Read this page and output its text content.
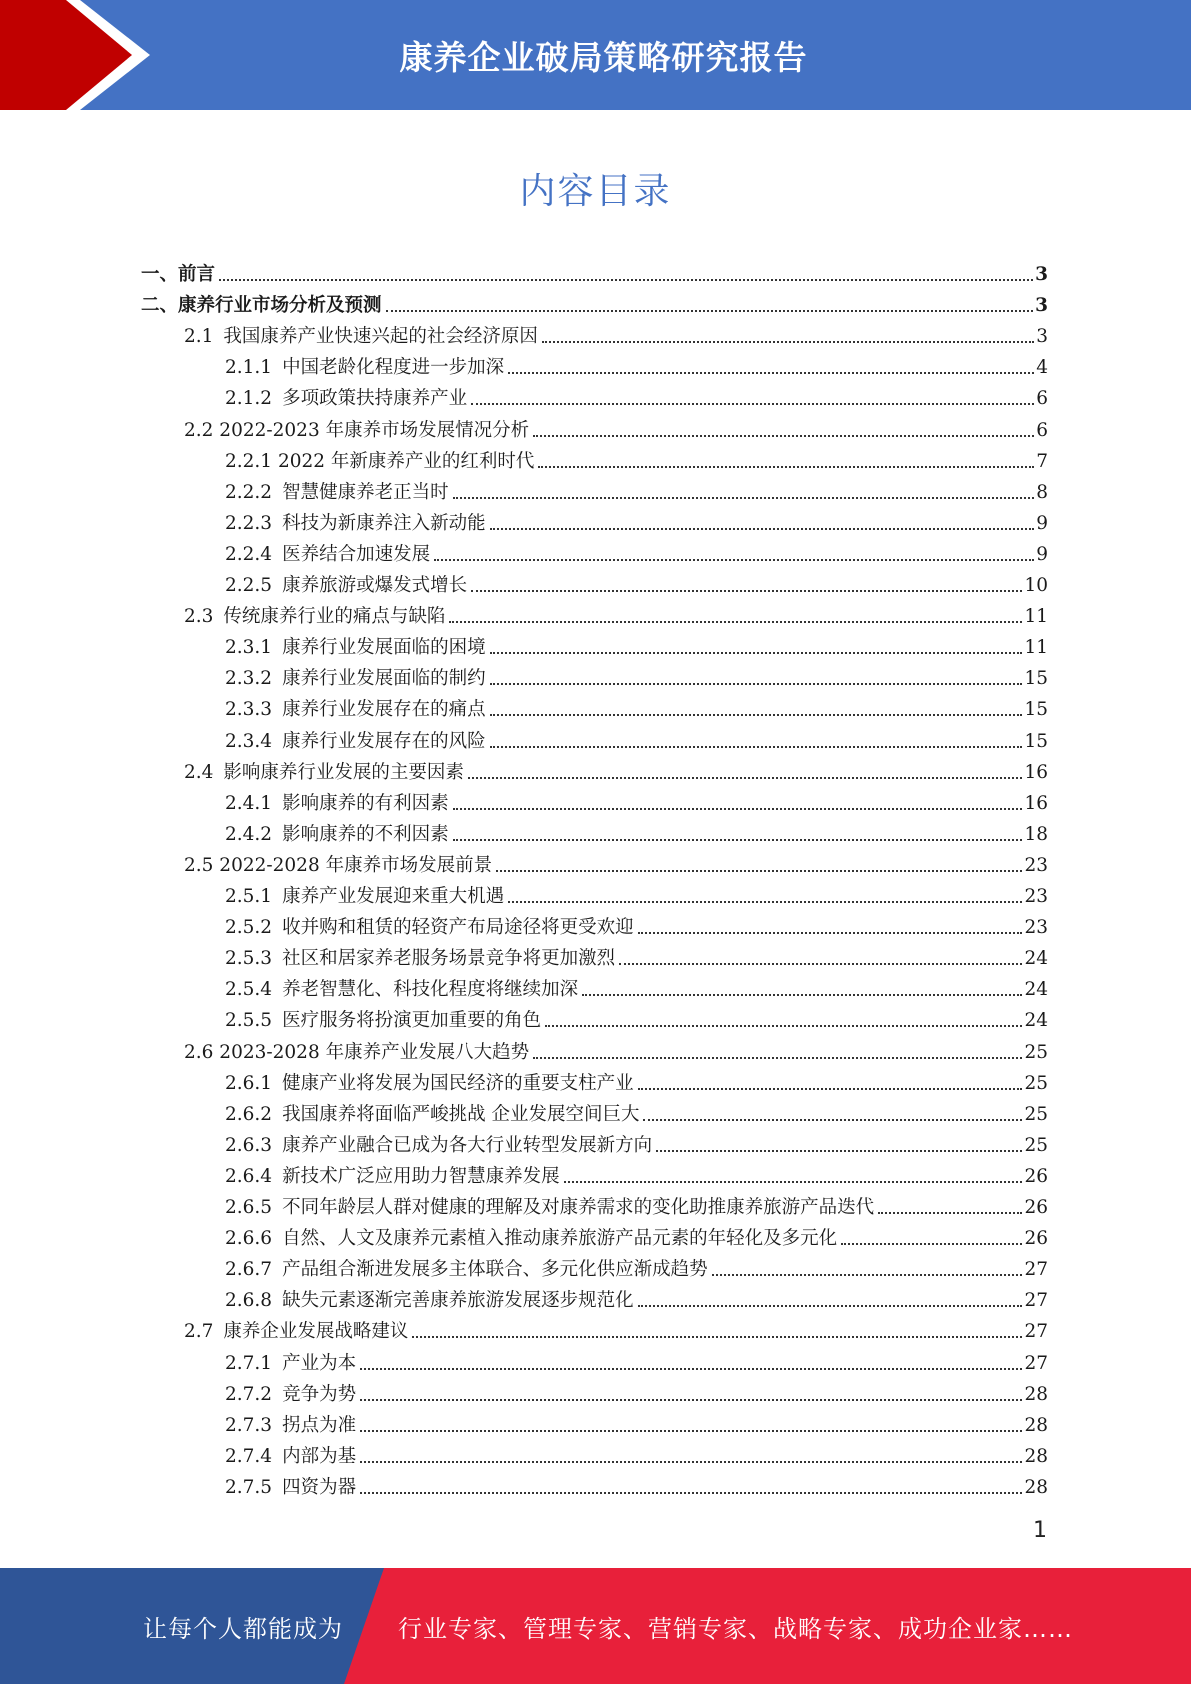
康养企业破局策略研究报告
内容目录
一、前言	3
二、康养行业市场分析及预测	3
2.1 我国康养产业快速兴起的社会经济原因	3
2.1.1 中国老龄化程度进一步加深	4
2.1.2 多项政策扶持康养产业	6
2.2 2022-2023 年康养市场发展情况分析	6
2.2.1 2022 年新康养产业的红利时代	7
2.2.2 智慧健康养老正当时	8
2.2.3 科技为新康养注入新动能	9
2.2.4 医养结合加速发展	9
2.2.5 康养旅游或爆发式增长	10
2.3 传统康养行业的痛点与缺陷	11
2.3.1 康养行业发展面临的困境	11
2.3.2 康养行业发展面临的制约	15
2.3.3 康养行业发展存在的痛点	15
2.3.4 康养行业发展存在的风险	15
2.4 影响康养行业发展的主要因素	16
2.4.1 影响康养的有利因素	16
2.4.2 影响康养的不利因素	18
2.5 2022-2028 年康养市场发展前景	23
2.5.1 康养产业发展迎来重大机遇	23
2.5.2 收并购和租赁的轻资产布局途径将更受欢迎	23
2.5.3 社区和居家养老服务场景竞争将更加激烈	24
2.5.4 养老智慧化、科技化程度将继续加深	24
2.5.5 医疗服务将扮演更加重要的角色	24
2.6 2023-2028 年康养产业发展八大趋势	25
2.6.1 健康产业将发展为国民经济的重要支柱产业	25
2.6.2 我国康养将面临严峻挑战 企业发展空间巨大	25
2.6.3 康养产业融合已成为各大行业转型发展新方向	25
2.6.4 新技术广泛应用助力智慧康养发展	26
2.6.5 不同年龄层人群对健康的理解及对康养需求的变化助推康养旅游产品迭代	26
2.6.6 自然、人文及康养元素植入推动康养旅游产品元素的年轻化及多元化	26
2.6.7 产品组合渐进发展多主体联合、多元化供应渐成趋势	27
2.6.8 缺失元素逐渐完善康养旅游发展逐步规范化	27
2.7 康养企业发展战略建议	27
2.7.1 产业为本	27
2.7.2 竞争为势	28
2.7.3 拐点为准	28
2.7.4 内部为基	28
2.7.5 四资为器	28
1
让每个人都能成为 行业专家、管理专家、营销专家、战略专家、成功企业家……
